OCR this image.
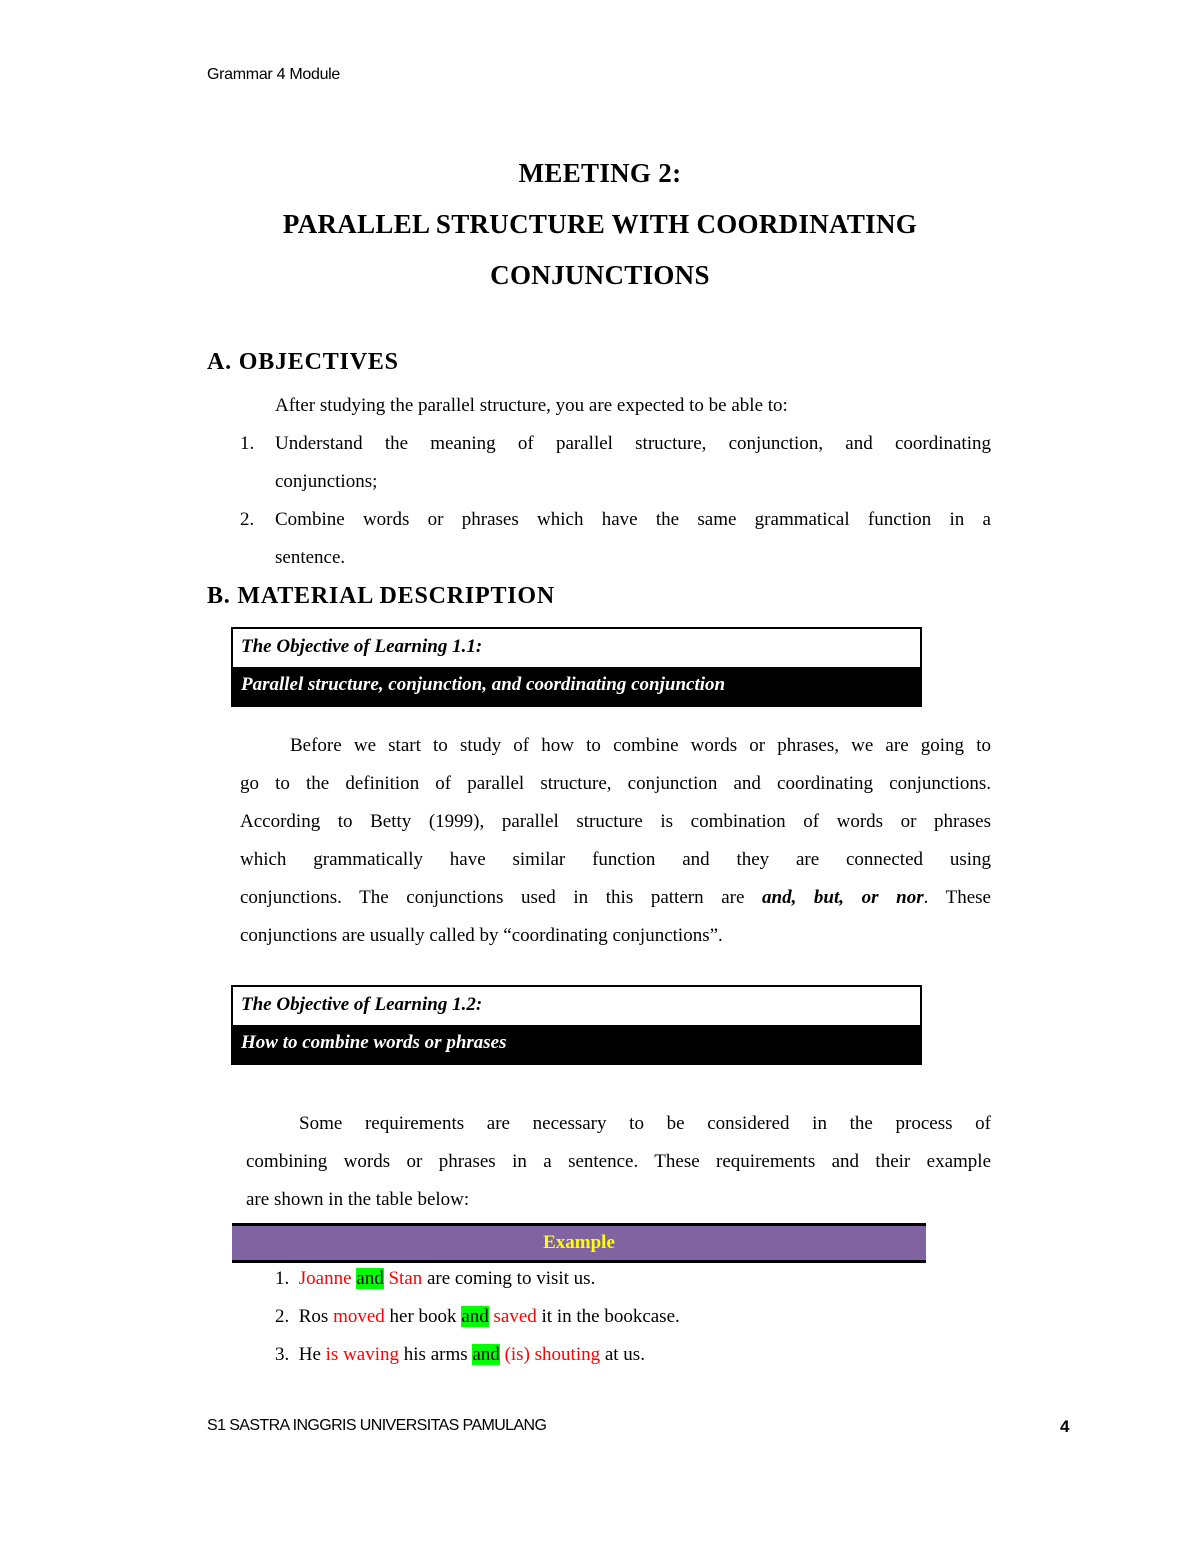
Grammar 4 Module
MEETING 2:
PARALLEL STRUCTURE WITH COORDINATING
CONJUNCTIONS
A. OBJECTIVES
After studying the parallel structure, you are expected to be able to:
1. Understand the meaning of parallel structure, conjunction, and coordinating
conjunctions;
2. Combine words or phrases which have the same grammatical function in a
sentence.
B. MATERIAL DESCRIPTION
The Objective of Learning 1.1:
Parallel structure, conjunction, and coordinating conjunction
Before we start to study of how to combine words or phrases, we are going to
go to the definition of parallel structure, conjunction and coordinating conjunctions.
According to Betty (1999), parallel structure is combination of words or phrases
which grammatically have similar function and they are connected using
conjunctions. The conjunctions used in this pattern are and, but, or nor. These
conjunctions are usually called by “coordinating conjunctions”.
The Objective of Learning 1.2:
How to combine words or phrases
Some requirements are necessary to be considered in the process of
combining words or phrases in a sentence. These requirements and their example
are shown in the table below:
Example
1. Joanne and Stan are coming to visit us.
2. Ros moved her book and saved it in the bookcase.
3. He is waving his arms and (is) shouting at us.
S1 SASTRA INGGRIS UNIVERSITAS PAMULANG	4
